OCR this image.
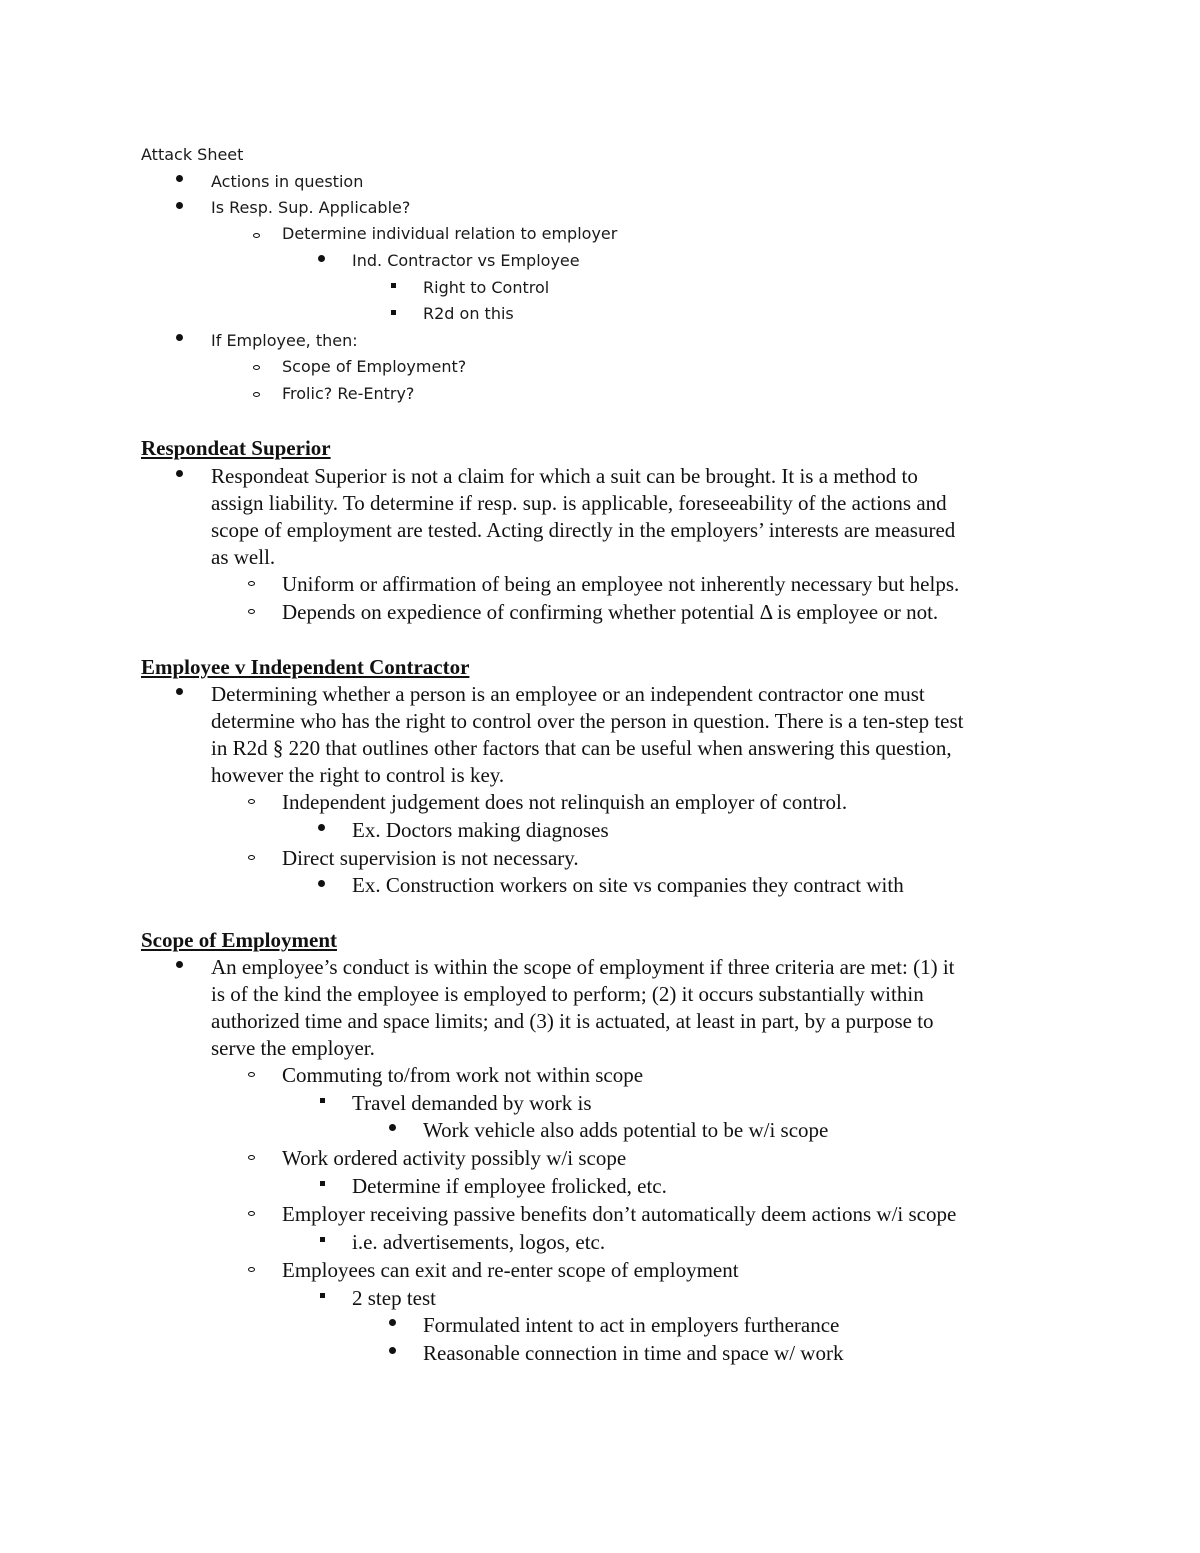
Attack Sheet
Actions in question
Is Resp. Sup. Applicable?
Determine individual relation to employer
Ind. Contractor vs Employee
Right to Control
R2d on this
If Employee, then:
Scope of Employment?
Frolic? Re-Entry?
Respondeat Superior
Respondeat Superior is not a claim for which a suit can be brought. It is a method to
assign liability. To determine if resp. sup. is applicable, foreseeability of the actions and
scope of employment are tested. Acting directly in the employers’ interests are measured
as well.
Uniform or affirmation of being an employee not inherently necessary but helps.
Depends on expedience of confirming whether potential Δ is employee or not.
Employee v Independent Contractor
Determining whether a person is an employee or an independent contractor one must
determine who has the right to control over the person in question. There is a ten-step test
in R2d § 220 that outlines other factors that can be useful when answering this question,
however the right to control is key.
Independent judgement does not relinquish an employer of control.
Ex. Doctors making diagnoses
Direct supervision is not necessary.
Ex. Construction workers on site vs companies they contract with
Scope of Employment
An employee’s conduct is within the scope of employment if three criteria are met: (1) it
is of the kind the employee is employed to perform; (2) it occurs substantially within
authorized time and space limits; and (3) it is actuated, at least in part, by a purpose to
serve the employer.
Commuting to/from work not within scope
Travel demanded by work is
Work vehicle also adds potential to be w/i scope
Work ordered activity possibly w/i scope
Determine if employee frolicked, etc.
Employer receiving passive benefits don’t automatically deem actions w/i scope
i.e. advertisements, logos, etc.
Employees can exit and re-enter scope of employment
2 step test
Formulated intent to act in employers furtherance
Reasonable connection in time and space w/ work
